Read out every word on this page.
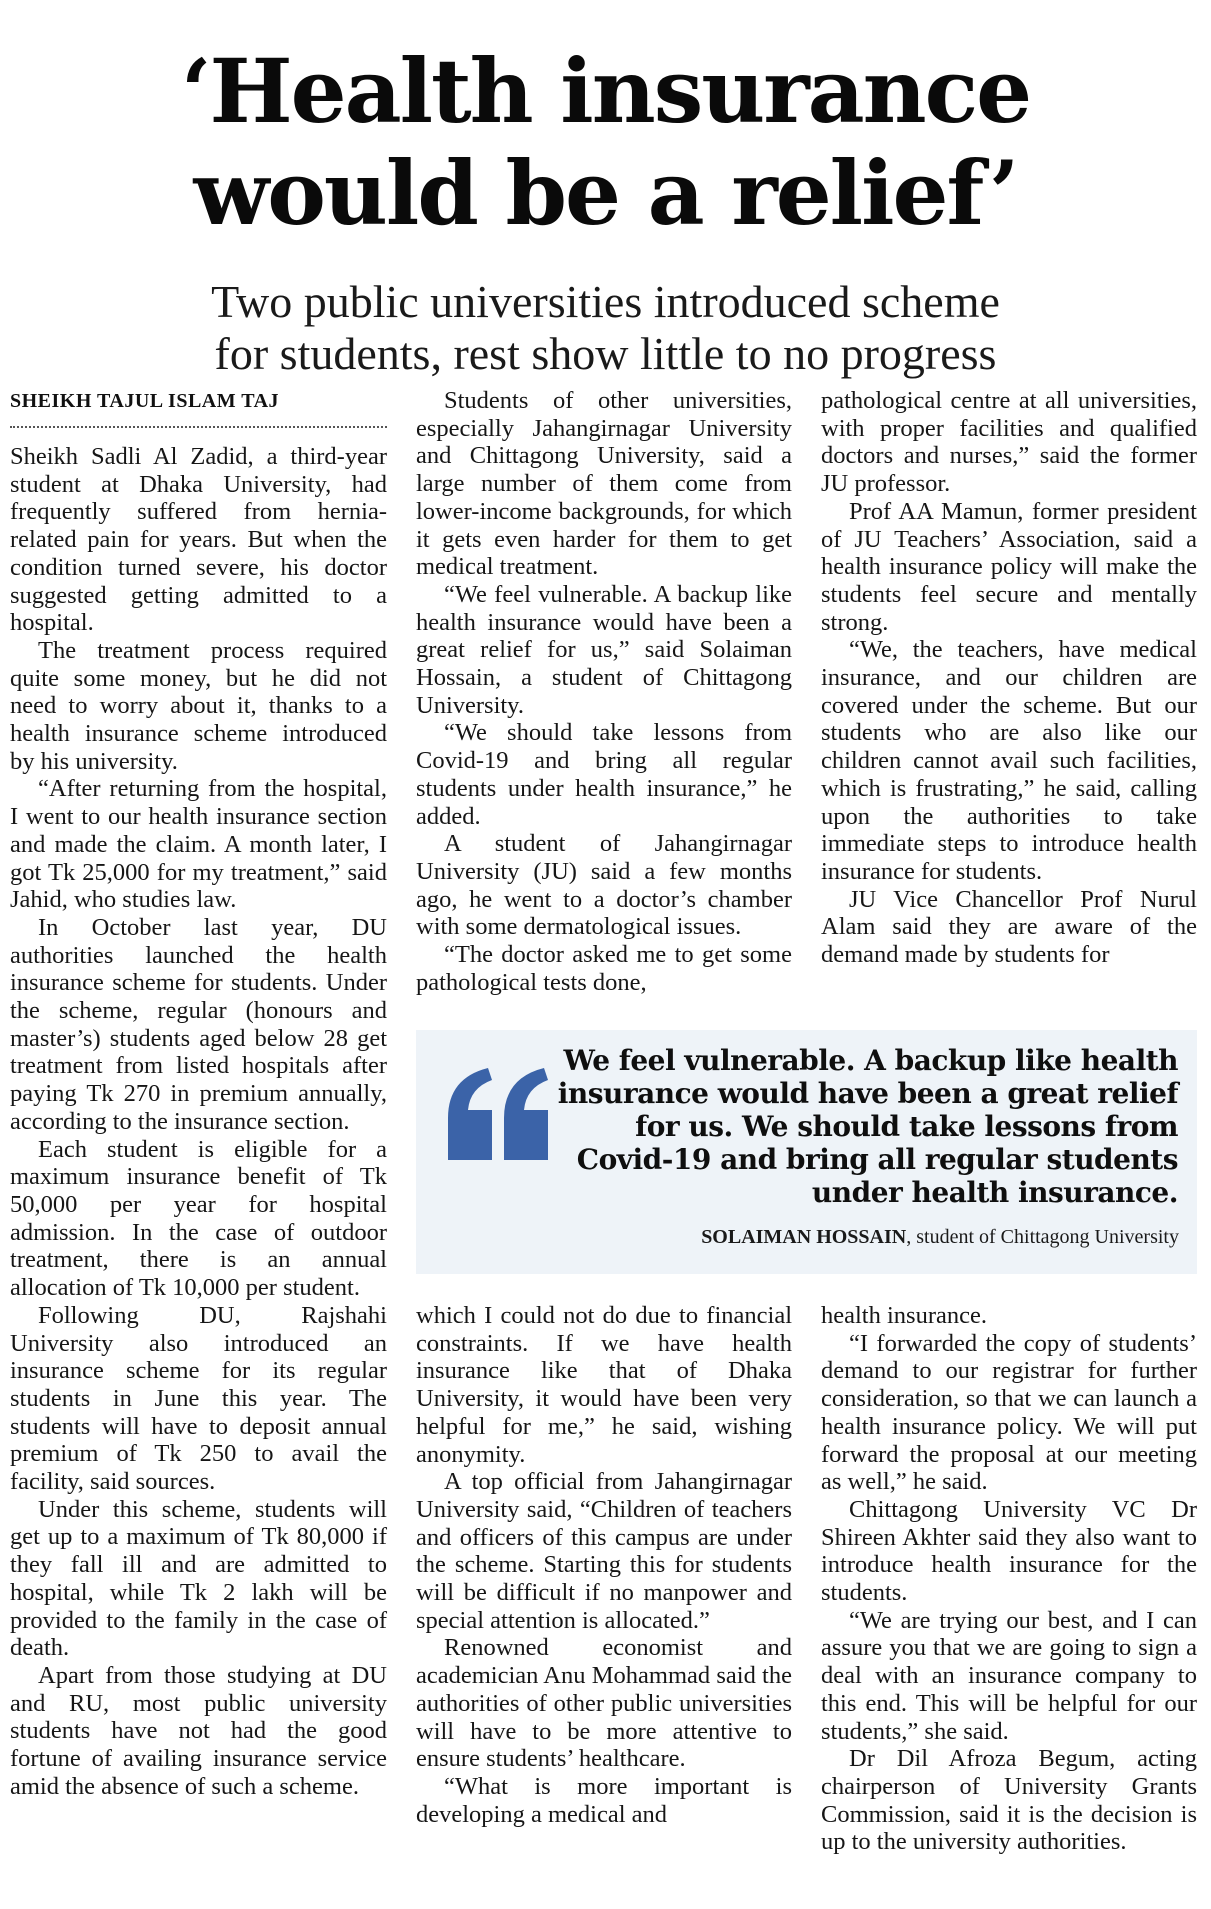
‘Health insurance
would be a relief’
Two public universities introduced scheme
for students, rest show little to no progress
SHEIKH TAJUL ISLAM TAJ

Sheikh Sadli Al Zadid, a third-year student at Dhaka University, had frequently suffered from hernia-related pain for years. But when the condition turned severe, his doctor suggested getting admitted to a hospital.

The treatment process required quite some money, but he did not need to worry about it, thanks to a health insurance scheme introduced by his university.

“After returning from the hospital, I went to our health insurance section and made the claim. A month later, I got Tk 25,000 for my treatment,” said Jahid, who studies law.

In October last year, DU authorities launched the health insurance scheme for students. Under the scheme, regular (honours and master’s) students aged below 28 get treatment from listed hospitals after paying Tk 270 in premium annually, according to the insurance section.

Each student is eligible for a maximum insurance benefit of Tk 50,000 per year for hospital admission. In the case of outdoor treatment, there is an annual allocation of Tk 10,000 per student.

Following DU, Rajshahi University also introduced an insurance scheme for its regular students in June this year. The students will have to deposit annual premium of Tk 250 to avail the facility, said sources.

Under this scheme, students will get up to a maximum of Tk 80,000 if they fall ill and are admitted to hospital, while Tk 2 lakh will be provided to the family in the case of death.

Apart from those studying at DU and RU, most public university students have not had the good fortune of availing insurance service amid the absence of such a scheme.

Students of other universities, especially Jahangirnagar University and Chittagong University, said a large number of them come from lower-income backgrounds, for which it gets even harder for them to get medical treatment.

“We feel vulnerable. A backup like health insurance would have been a great relief for us,” said Solaiman Hossain, a student of Chittagong University.

“We should take lessons from Covid-19 and bring all regular students under health insurance,” he added.

A student of Jahangirnagar University (JU) said a few months ago, he went to a doctor’s chamber with some dermatological issues.

“The doctor asked me to get some pathological tests done,

pathological centre at all universities, with proper facilities and qualified doctors and nurses,” said the former JU professor.

Prof AA Mamun, former president of JU Teachers’ Association, said a health insurance policy will make the students feel secure and mentally strong.

“We, the teachers, have medical insurance, and our children are covered under the scheme. But our students who are also like our children cannot avail such facilities, which is frustrating,” he said, calling upon the authorities to take immediate steps to introduce health insurance for students.

JU Vice Chancellor Prof Nurul Alam said they are aware of the demand made by students for

We feel vulnerable. A backup like health insurance would have been a great relief for us. We should take lessons from Covid-19 and bring all regular students under health insurance.
SOLAIMAN HOSSAIN, student of Chittagong University

which I could not do due to financial constraints. If we have health insurance like that of Dhaka University, it would have been very helpful for me,” he said, wishing anonymity.

A top official from Jahangirnagar University said, “Children of teachers and officers of this campus are under the scheme. Starting this for students will be difficult if no manpower and special attention is allocated.”

Renowned economist and academician Anu Mohammad said the authorities of other public universities will have to be more attentive to ensure students’ healthcare.

“What is more important is developing a medical and

health insurance.

“I forwarded the copy of students’ demand to our registrar for further consideration, so that we can launch a health insurance policy. We will put forward the proposal at our meeting as well,” he said.

Chittagong University VC Dr Shireen Akhter said they also want to introduce health insurance for the students.

“We are trying our best, and I can assure you that we are going to sign a deal with an insurance company to this end. This will be helpful for our students,” she said.

Dr Dil Afroza Begum, acting chairperson of University Grants Commission, said it is the decision is up to the university authorities.
